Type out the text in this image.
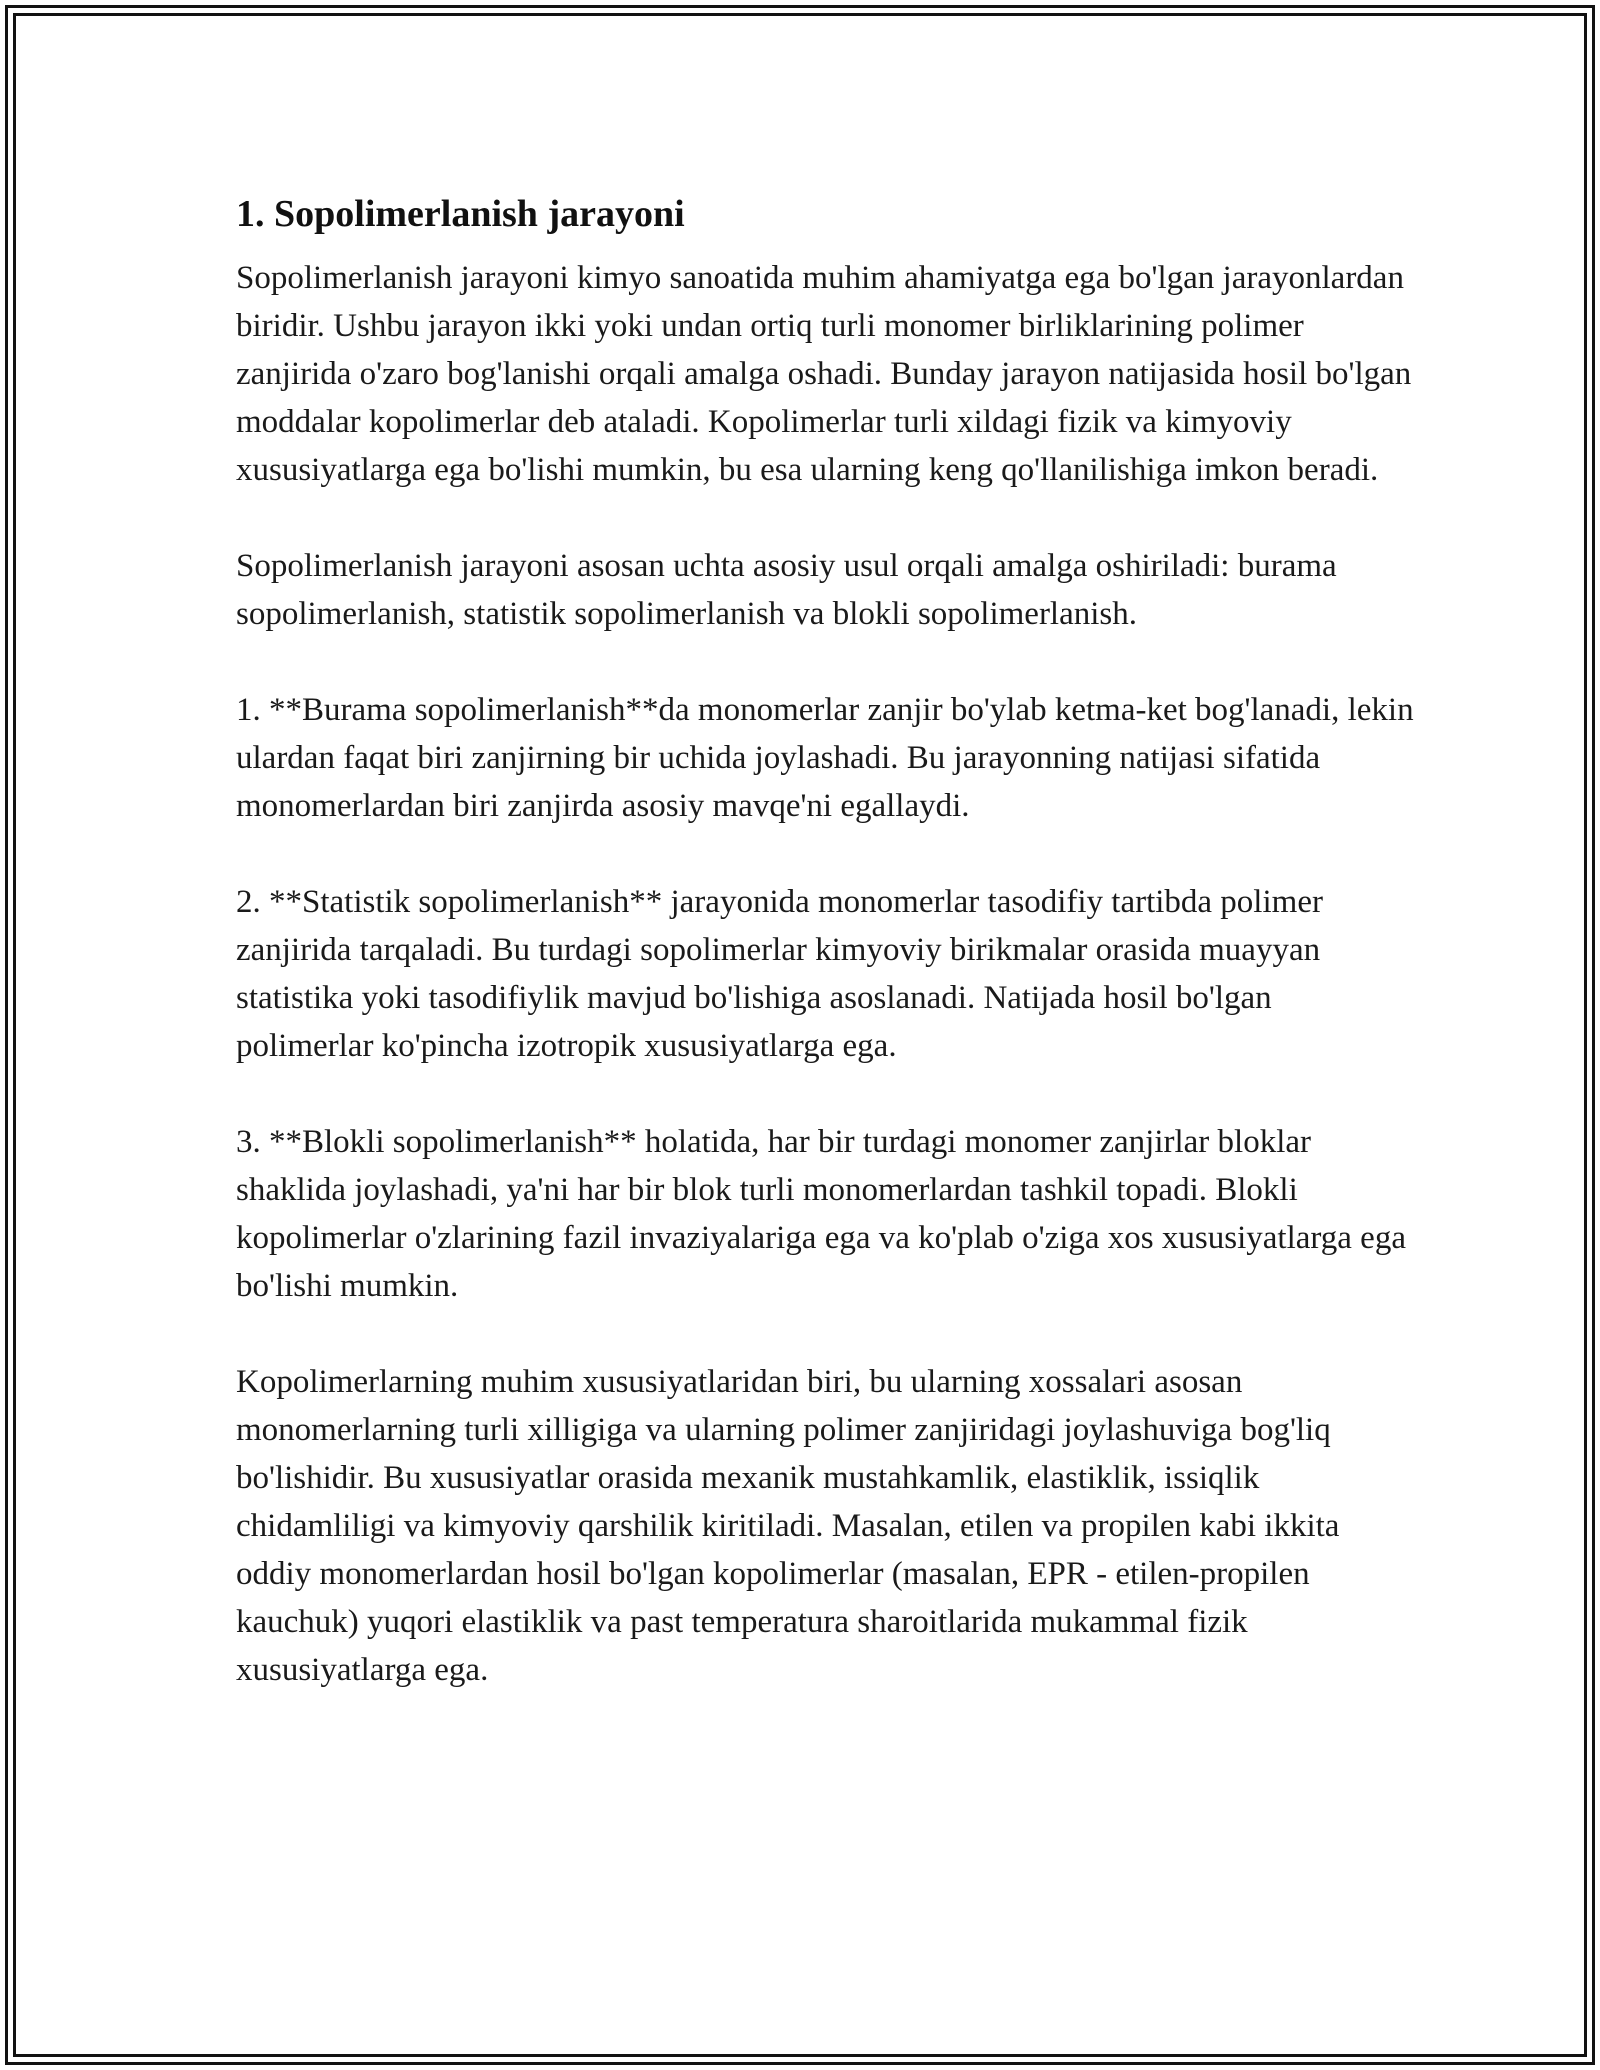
1. Sopolimerlanish jarayoni

Sopolimerlanish jarayoni kimyo sanoatida muhim ahamiyatga ega bo'lgan jarayonlardan biridir. Ushbu jarayon ikki yoki undan ortiq turli monomer birliklarining polimer zanjirida o'zaro bog'lanishi orqali amalga oshadi. Bunday jarayon natijasida hosil bo'lgan moddalar kopolimerlar deb ataladi. Kopolimerlar turli xildagi fizik va kimyoviy xususiyatlarga ega bo'lishi mumkin, bu esa ularning keng qo'llanilishiga imkon beradi.

Sopolimerlanish jarayoni asosan uchta asosiy usul orqali amalga oshiriladi: burama sopolimerlanish, statistik sopolimerlanish va blokli sopolimerlanish.

1. **Burama sopolimerlanish**da monomerlar zanjir bo'ylab ketma-ket bog'lanadi, lekin ulardan faqat biri zanjirning bir uchida joylashadi. Bu jarayonning natijasi sifatida monomerlardan biri zanjirda asosiy mavqe'ni egallaydi.

2. **Statistik sopolimerlanish** jarayonida monomerlar tasodifiy tartibda polimer zanjirida tarqaladi. Bu turdagi sopolimerlar kimyoviy birikmalar orasida muayyan statistika yoki tasodifiylik mavjud bo'lishiga asoslanadi. Natijada hosil bo'lgan polimerlar ko'pincha izotropik xususiyatlarga ega.

3. **Blokli sopolimerlanish** holatida, har bir turdagi monomer zanjirlar bloklar shaklida joylashadi, ya'ni har bir blok turli monomerlardan tashkil topadi. Blokli kopolimerlar o'zlarining fazil invaziyalariga ega va ko'plab o'ziga xos xususiyatlarga ega bo'lishi mumkin.

Kopolimerlarning muhim xususiyatlaridan biri, bu ularning xossalari asosan monomerlarning turli xilligiga va ularning polimer zanjiridagi joylashuviga bog'liq bo'lishidir. Bu xususiyatlar orasida mexanik mustahkamlik, elastiklik, issiqlik chidamliligi va kimyoviy qarshilik kiritiladi. Masalan, etilen va propilen kabi ikkita oddiy monomerlardan hosil bo'lgan kopolimerlar (masalan, EPR - etilen-propilen kauchuk) yuqori elastiklik va past temperatura sharoitlarida mukammal fizik xususiyatlarga ega.
